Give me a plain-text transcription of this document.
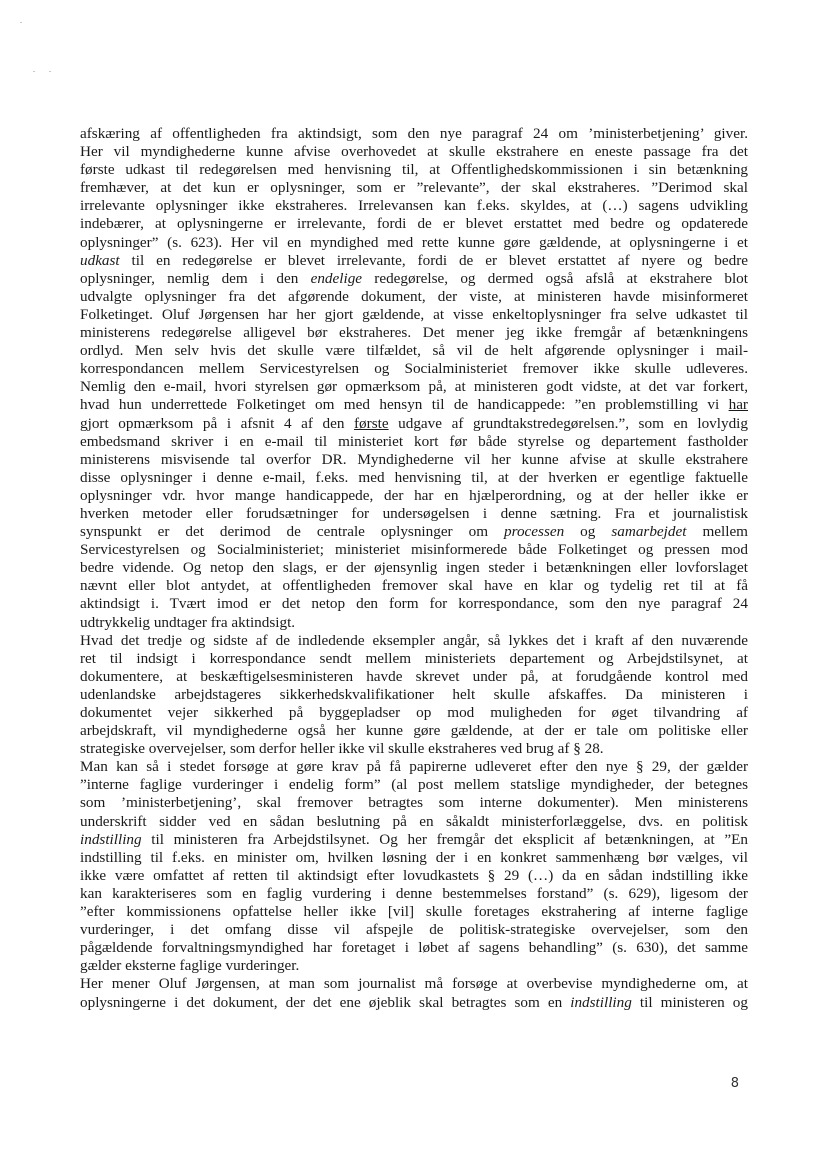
afskæring af offentligheden fra aktindsigt, som den nye paragraf 24 om ’ministerbetjening’ giver.
Her vil myndighederne kunne afvise overhovedet at skulle ekstrahere en eneste passage fra det
første udkast til redegørelsen med henvisning til, at Offentlighedskommissionen i sin betænkning
fremhæver, at det kun er oplysninger, som er ”relevante”, der skal ekstraheres. ”Derimod skal
irrelevante oplysninger ikke ekstraheres. Irrelevansen kan f.eks. skyldes, at (…) sagens udvikling
indebærer, at oplysningerne er irrelevante, fordi de er blevet erstattet med bedre og opdaterede
oplysninger” (s. 623). Her vil en myndighed med rette kunne gøre gældende, at oplysningerne i et
udkast til en redegørelse er blevet irrelevante, fordi de er blevet erstattet af nyere og bedre
oplysninger, nemlig dem i den endelige redegørelse, og dermed også afslå at ekstrahere blot
udvalgte oplysninger fra det afgørende dokument, der viste, at ministeren havde misinformeret
Folketinget. Oluf Jørgensen har her gjort gældende, at visse enkeltoplysninger fra selve udkastet til
ministerens redegørelse alligevel bør ekstraheres. Det mener jeg ikke fremgår af betænkningens
ordlyd. Men selv hvis det skulle være tilfældet, så vil de helt afgørende oplysninger i mail-
korrespondancen mellem Servicestyrelsen og Socialministeriet fremover ikke skulle udleveres.
Nemlig den e-mail, hvori styrelsen gør opmærksom på, at ministeren godt vidste, at det var forkert,
hvad hun underrettede Folketinget om med hensyn til de handicappede: ”en problemstilling vi har
gjort opmærksom på i afsnit 4 af den første udgave af grundtakstredegørelsen.”, som en lovlydig
embedsmand skriver i en e-mail til ministeriet kort før både styrelse og departement fastholder
ministerens misvisende tal overfor DR. Myndighederne vil her kunne afvise at skulle ekstrahere
disse oplysninger i denne e-mail, f.eks. med henvisning til, at der hverken er egentlige faktuelle
oplysninger vdr. hvor mange handicappede, der har en hjælperordning, og at der heller ikke er
hverken metoder eller forudsætninger for undersøgelsen i denne sætning. Fra et journalistisk
synspunkt er det derimod de centrale oplysninger om processen og samarbejdet mellem
Servicestyrelsen og Socialministeriet; ministeriet misinformerede både Folketinget og pressen mod
bedre vidende. Og netop den slags, er der øjensynlig ingen steder i betænkningen eller lovforslaget
nævnt eller blot antydet, at offentligheden fremover skal have en klar og tydelig ret til at få
aktindsigt i. Tvært imod er det netop den form for korrespondance, som den nye paragraf 24
udtrykkelig undtager fra aktindsigt.
Hvad det tredje og sidste af de indledende eksempler angår, så lykkes det i kraft af den nuværende
ret til indsigt i korrespondance sendt mellem ministeriets departement og Arbejdstilsynet, at
dokumentere, at beskæftigelsesministeren havde skrevet under på, at forudgående kontrol med
udenlandske arbejdstageres sikkerhedskvalifikationer helt skulle afskaffes. Da ministeren i
dokumentet vejer sikkerhed på byggepladser op mod muligheden for øget tilvandring af
arbejdskraft, vil myndighederne også her kunne gøre gældende, at der er tale om politiske eller
strategiske overvejelser, som derfor heller ikke vil skulle ekstraheres ved brug af § 28.
Man kan så i stedet forsøge at gøre krav på få papirerne udleveret efter den nye § 29, der gælder
”interne faglige vurderinger i endelig form” (al post mellem statslige myndigheder, der betegnes
som ’ministerbetjening’, skal fremover betragtes som interne dokumenter). Men ministerens
underskrift sidder ved en sådan beslutning på en såkaldt ministerforlæggelse, dvs. en politisk
indstilling til ministeren fra Arbejdstilsynet. Og her fremgår det eksplicit af betænkningen, at ”En
indstilling til f.eks. en minister om, hvilken løsning der i en konkret sammenhæng bør vælges, vil
ikke være omfattet af retten til aktindsigt efter lovudkastets § 29 (…) da en sådan indstilling ikke
kan karakteriseres som en faglig vurdering i denne bestemmelses forstand” (s. 629), ligesom der
”efter kommissionens opfattelse heller ikke [vil] skulle foretages ekstrahering af interne faglige
vurderinger, i det omfang disse vil afspejle de politisk-strategiske overvejelser, som den
pågældende forvaltningsmyndighed har foretaget i løbet af sagens behandling” (s. 630), det samme
gælder eksterne faglige vurderinger.
Her mener Oluf Jørgensen, at man som journalist må forsøge at overbevise myndighederne om, at
oplysningerne i det dokument, der det ene øjeblik skal betragtes som en indstilling til ministeren og
8
